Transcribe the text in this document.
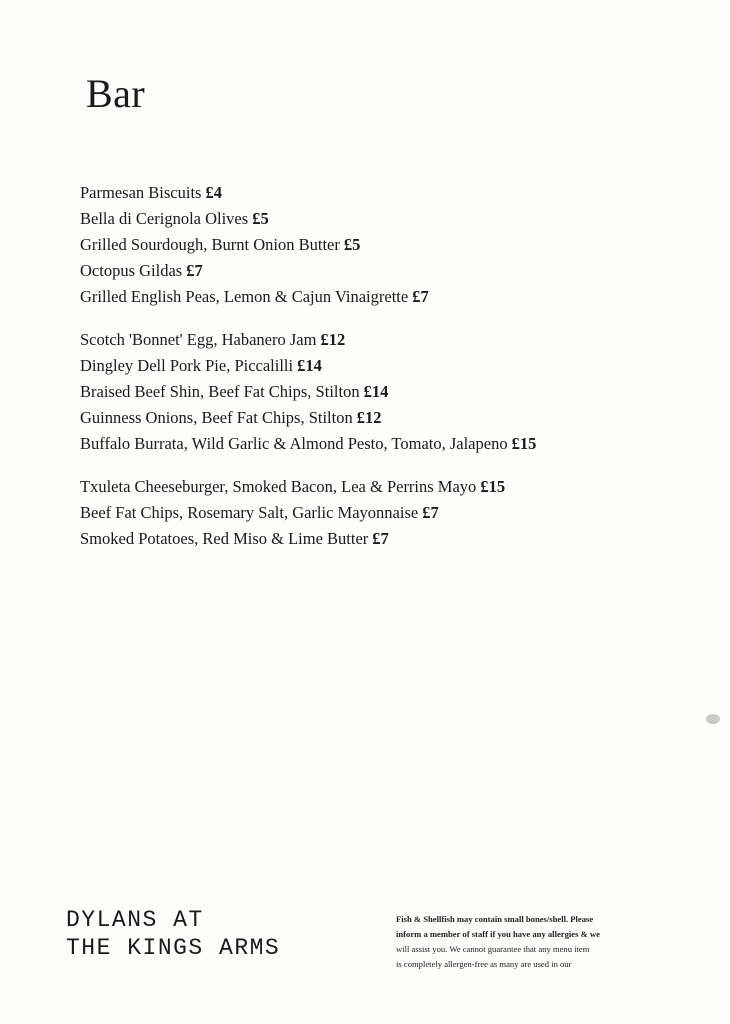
Bar
Parmesan Biscuits £4
Bella di Cerignola Olives £5
Grilled Sourdough, Burnt Onion Butter £5
Octopus Gildas £7
Grilled English Peas, Lemon & Cajun Vinaigrette £7
Scotch 'Bonnet' Egg, Habanero Jam £12
Dingley Dell Pork Pie, Piccalilli £14
Braised Beef Shin, Beef Fat Chips, Stilton £14
Guinness Onions, Beef Fat Chips, Stilton £12
Buffalo Burrata, Wild Garlic & Almond Pesto, Tomato, Jalapeno £15
Txuleta Cheeseburger, Smoked Bacon, Lea & Perrins Mayo £15
Beef Fat Chips, Rosemary Salt, Garlic Mayonnaise £7
Smoked Potatoes, Red Miso & Lime Butter £7
DYLANS AT
THE KINGS ARMS
Fish & Shellfish may contain small bones/shell. Please
inform a member of staff if you have any allergies & we
will assist you. We cannot guarantee that any menu item
is completely allergen-free as many are used in our
